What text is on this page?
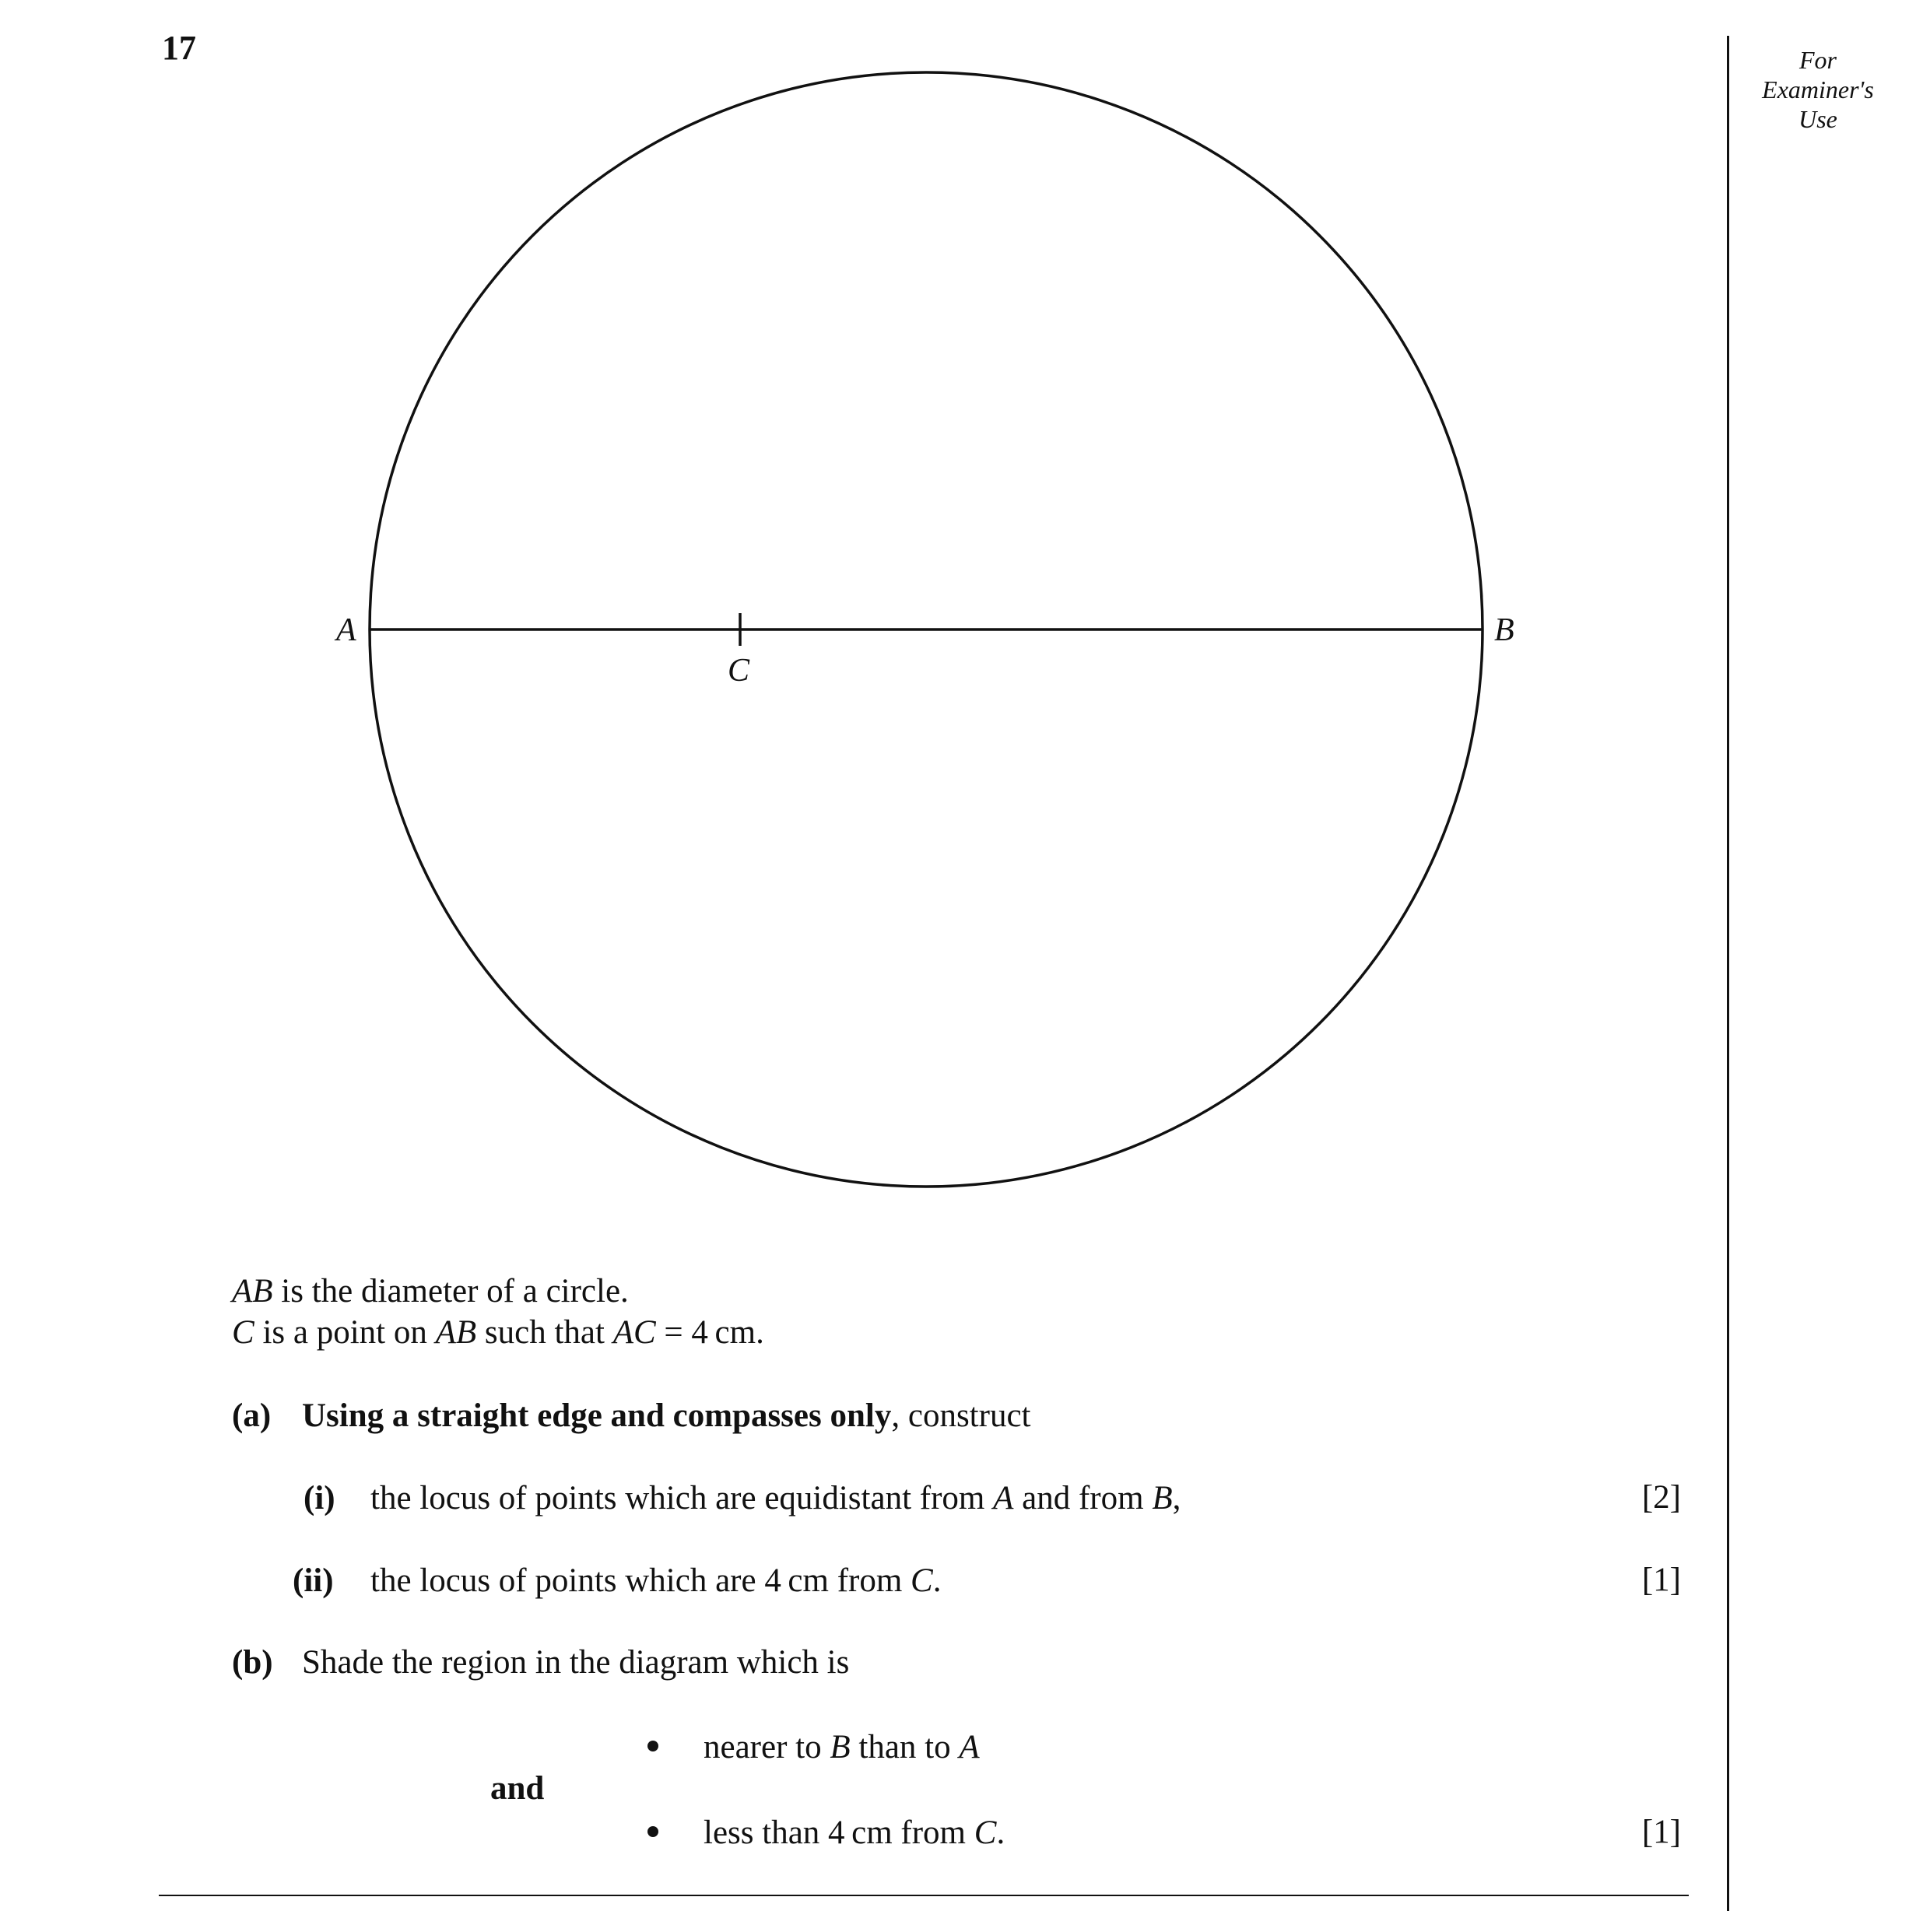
17	For
Examiner's
Use
A	B
C
AB is the diameter of a circle.
C is a point on AB such that AC = 4 cm.
(a) Using a straight edge and compasses only, construct
(i) the locus of points which are equidistant from A and from B,	[2]
(ii) the locus of points which are 4 cm from C.	[1]
(b) Shade the region in the diagram which is
nearer to B than to A
and
less than 4 cm from C.	[1]
